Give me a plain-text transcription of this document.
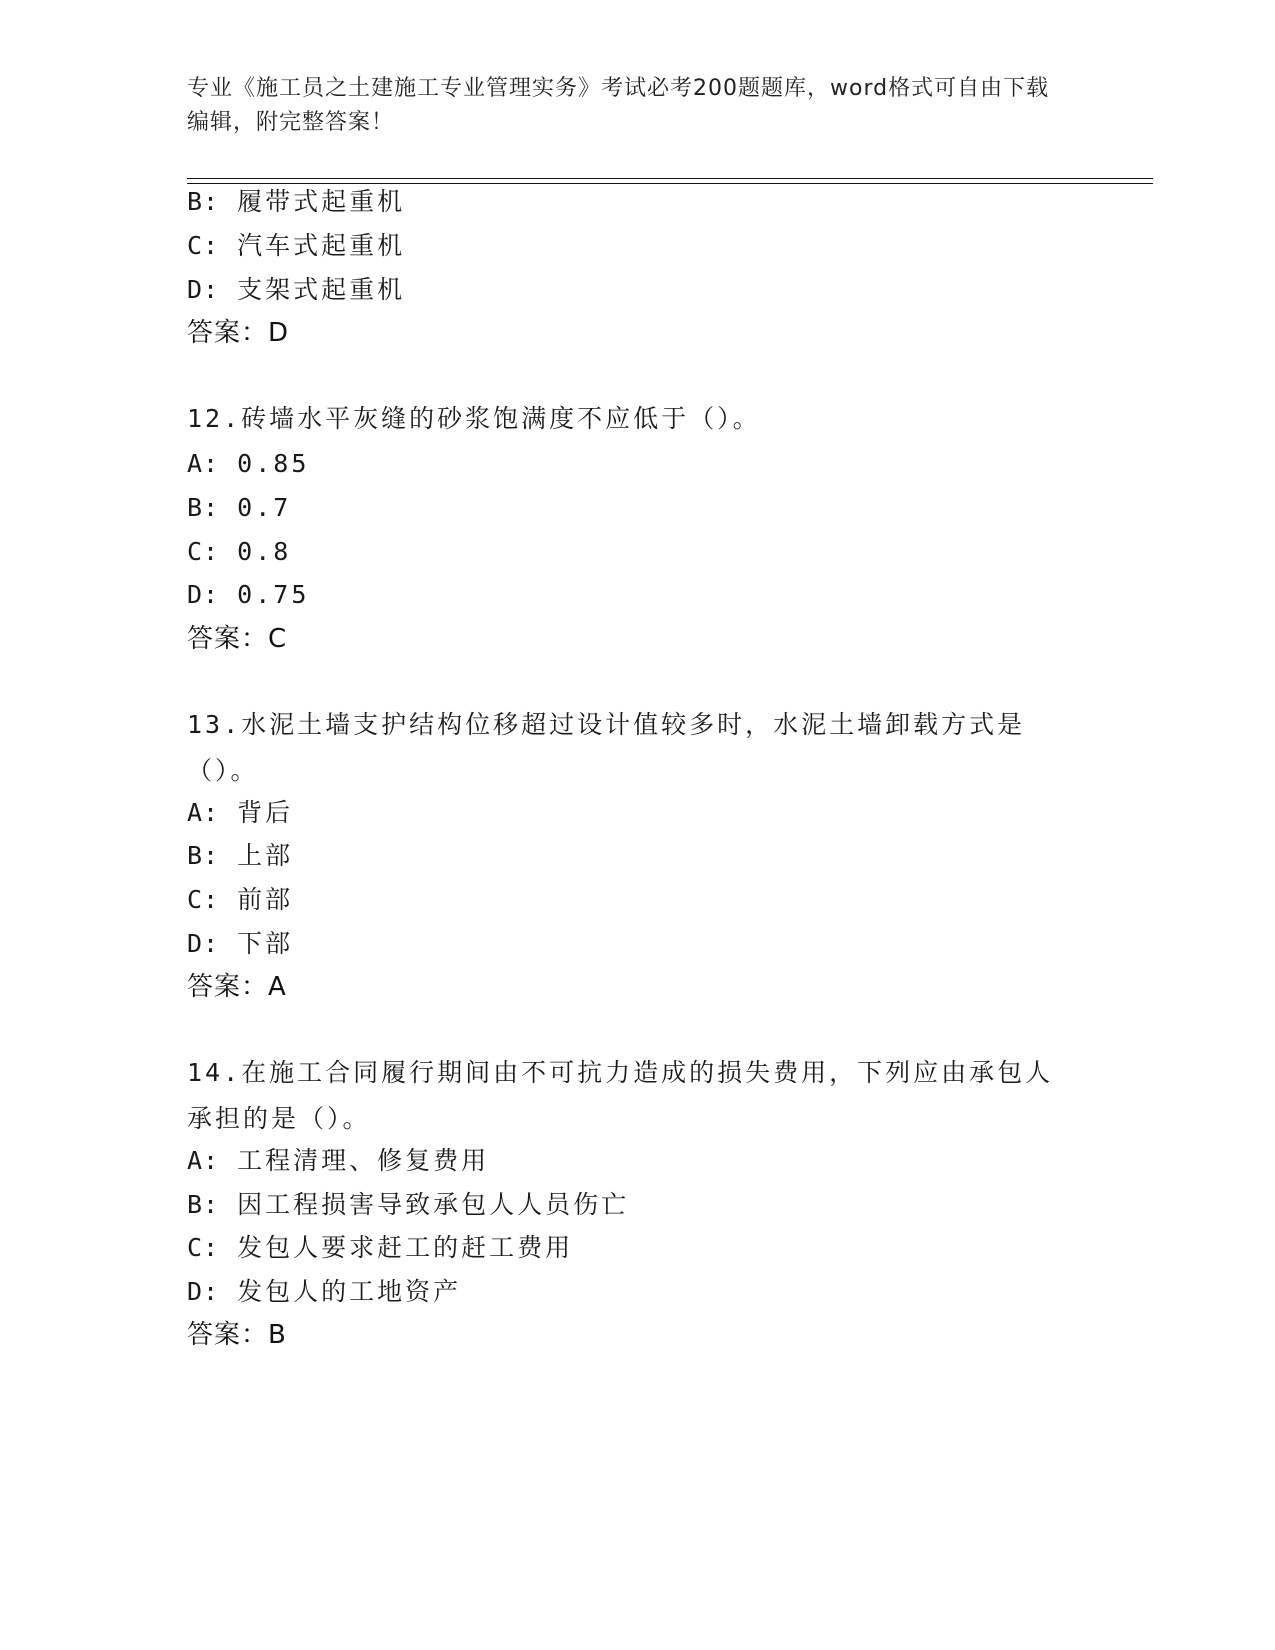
专业《施工员之土建施工专业管理实务》考试必考200题题库，word格式可自由下载编辑，附完整答案！
B: 履带式起重机
C: 汽车式起重机
D: 支架式起重机
答案：D
12.砖墙水平灰缝的砂浆饱满度不应低于（）。
A: 0.85
B: 0.7
C: 0.8
D: 0.75
答案：C
13.水泥土墙支护结构位移超过设计值较多时，水泥土墙卸载方式是（）。
A: 背后
B: 上部
C: 前部
D: 下部
答案：A
14.在施工合同履行期间由不可抗力造成的损失费用，下列应由承包人承担的是（）。
A: 工程清理、修复费用
B: 因工程损害导致承包人人员伤亡
C: 发包人要求赶工的赶工费用
D: 发包人的工地资产
答案：B
